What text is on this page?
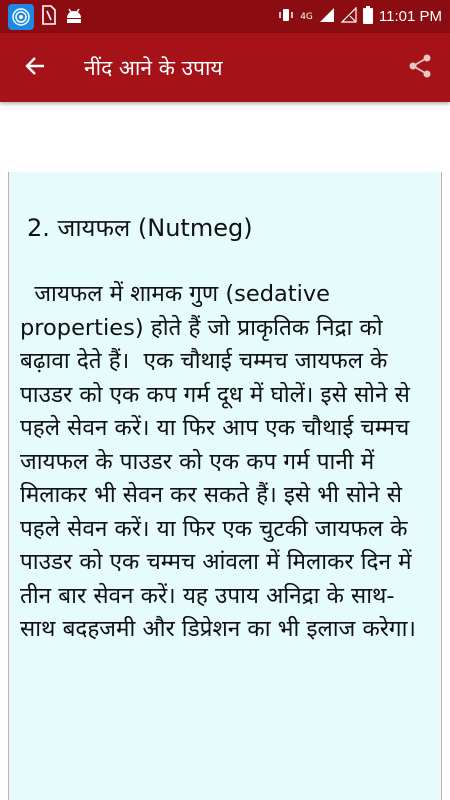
4G	11:01 PM
नींद आने के उपाय
2. जायफल (Nutmeg)
जायफल में शामक गुण (sedative properties) होते हैं जो प्राकृतिक निद्रा को बढ़ावा देते हैं।  एक चौथाई चम्मच जायफल के पाउडर को एक कप गर्म दूध में घोलें। इसे सोने से पहले सेवन करें। या फिर आप एक चौथाई चम्मच जायफल के पाउडर को एक कप गर्म पानी में मिलाकर भी सेवन कर सकते हैं। इसे भी सोने से पहले सेवन करें। या फिर एक चुटकी जायफल के पाउडर को एक चम्मच आंवला में मिलाकर दिन में तीन बार सेवन करें। यह उपाय अनिद्रा के साथ-साथ बदहजमी और डिप्रेशन का भी इलाज करेगा।
